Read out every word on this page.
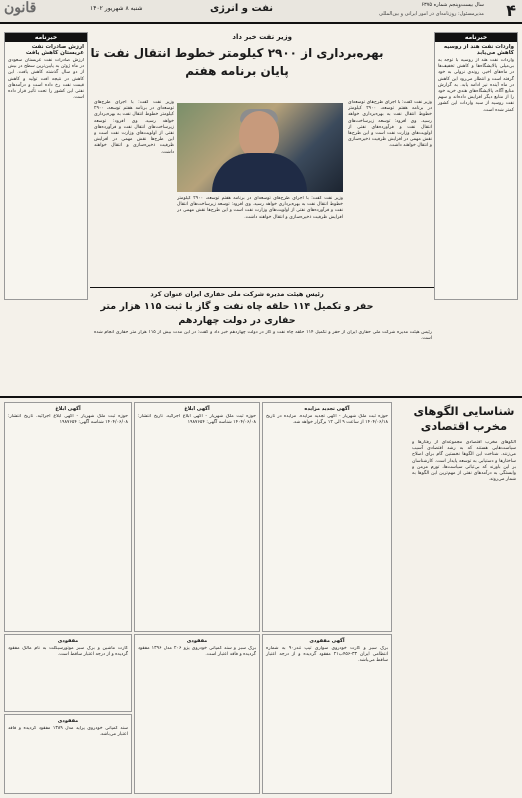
۴
سال بیست‌وپنجم شماره ۶۳۷۵
مدیرمسئول: روزنامه‌ای در امور ایرانی و بین‌المللی
نفت و انرژی
شنبه ۸ شهریور ۱۴۰۲
قانون
خبرنامه
واردات نفت هند از روسیه کاهش می‌یابد
واردات نفت هند از روسیه با توجه به بی‌میلی پالایشگاه‌ها و کاهش تخفیف‌ها در ماه‌های اخیر، روندی نزولی به خود گرفته است و انتظار می‌رود این کاهش در ماه آینده نیز ادامه یابد. به گزارش منابع آگاه، پالایشگاه‌های هندی خرید خود را از منابع دیگر افزایش داده‌اند و سهم نفت روسیه از سبد واردات این کشور کمتر شده است.
خبرنامه
ارزش صادرات نفت عربستان کاهش یافت
ارزش صادرات نفت عربستان سعودی در ماه ژوئن به پایین‌ترین سطح در بیش از دو سال گذشته کاهش یافت. این کاهش در نتیجه افت تولید و کاهش قیمت نفت رخ داده است و درآمدهای نفتی این کشور را تحت تأثیر قرار داده است.
وزیر نفت خبر داد
بهره‌برداری از ۲۹۰۰ کیلومتر خطوط انتقال نفت تا پایان برنامه هفتم
وزیر نفت گفت: با اجرای طرح‌های توسعه‌ای در برنامه هفتم توسعه، ۲۹۰۰ کیلومتر خطوط انتقال نفت به بهره‌برداری خواهد رسید. وی افزود: توسعه زیرساخت‌های انتقال نفت و فرآورده‌های نفتی از اولویت‌های وزارت نفت است و این طرح‌ها نقش مهمی در افزایش ظرفیت ذخیره‌سازی و انتقال خواهند داشت.
وزیر نفت گفت: با اجرای طرح‌های توسعه‌ای در برنامه هفتم توسعه، ۲۹۰۰ کیلومتر خطوط انتقال نفت به بهره‌برداری خواهد رسید. وی افزود: توسعه زیرساخت‌های انتقال نفت و فرآورده‌های نفتی از اولویت‌های وزارت نفت است و این طرح‌ها نقش مهمی در افزایش ظرفیت ذخیره‌سازی و انتقال خواهند داشت.
وزیر نفت گفت: با اجرای طرح‌های توسعه‌ای در برنامه هفتم توسعه، ۲۹۰۰ کیلومتر خطوط انتقال نفت به بهره‌برداری خواهد رسید. وی افزود: توسعه زیرساخت‌های انتقال نفت و فرآورده‌های نفتی از اولویت‌های وزارت نفت است و این طرح‌ها نقش مهمی در افزایش ظرفیت ذخیره‌سازی و انتقال خواهند داشت.
رئیس هیئت مدیره شرکت ملی حفاری ایران عنوان کرد
حفر و تکمیل ۱۱۴ حلقه چاه نفت و گاز با ثبت ۱۱۵ هزار متر حفاری در دولت چهاردهم
رئیس هیئت مدیره شرکت ملی حفاری ایران از حفر و تکمیل ۱۱۴ حلقه چاه نفت و گاز در دولت چهاردهم خبر داد و گفت: در این مدت بیش از ۱۱۵ هزار متر حفاری انجام شده است.
شناسایی الگوهای مخرب اقتصادی
الگوهای مخرب اقتصادی مجموعه‌ای از رفتارها و سیاست‌هایی هستند که به رشد اقتصادی آسیب می‌زنند. شناخت این الگوها نخستین گام برای اصلاح ساختارها و دستیابی به توسعه پایدار است. کارشناسان بر این باورند که بی‌ثباتی سیاست‌ها، تورم مزمن و وابستگی به درآمدهای نفتی از مهم‌ترین این الگوها به شمار می‌روند.
آگهی تجدید مزایده
حوزه ثبت ملک شهریار - آگهی تجدید مزایده. مزایده در تاریخ ۱۴۰۴/۰۶/۱۸ از ساعت ۹ الی ۱۲ برگزار خواهد شد.
آگهی ابلاغ
حوزه ثبت ملک شهریار - آگهی ابلاغ اجرائیه. تاریخ انتشار: ۱۴۰۴/۰۶/۰۸ شناسه آگهی: ۱۹۸۷۶۵۴
آگهی ابلاغ
حوزه ثبت ملک شهریار - آگهی ابلاغ اجرائیه. تاریخ انتشار: ۱۴۰۴/۰۶/۰۸ شناسه آگهی: ۱۹۸۷۶۵۴
آگهی مفقودی
برگ سبز و کارت خودروی سواری تیپ تندر۹۰ به شماره انتظامی ایران ۳۳-۴۵۶ب۲۱ مفقود گردیده و از درجه اعتبار ساقط می‌باشد.
مفقودی
برگ سبز و سند کمپانی خودروی پژو ۲۰۶ مدل ۱۳۹۶ مفقود گردیده و فاقد اعتبار است.
مفقودی
کارت ماشین و برگ سبز موتورسیکلت به نام مالک مفقود گردیده و از درجه اعتبار ساقط است.
مفقودی
سند کمپانی خودروی پراید مدل ۱۳۸۹ مفقود گردیده و فاقد اعتبار می‌باشد.
